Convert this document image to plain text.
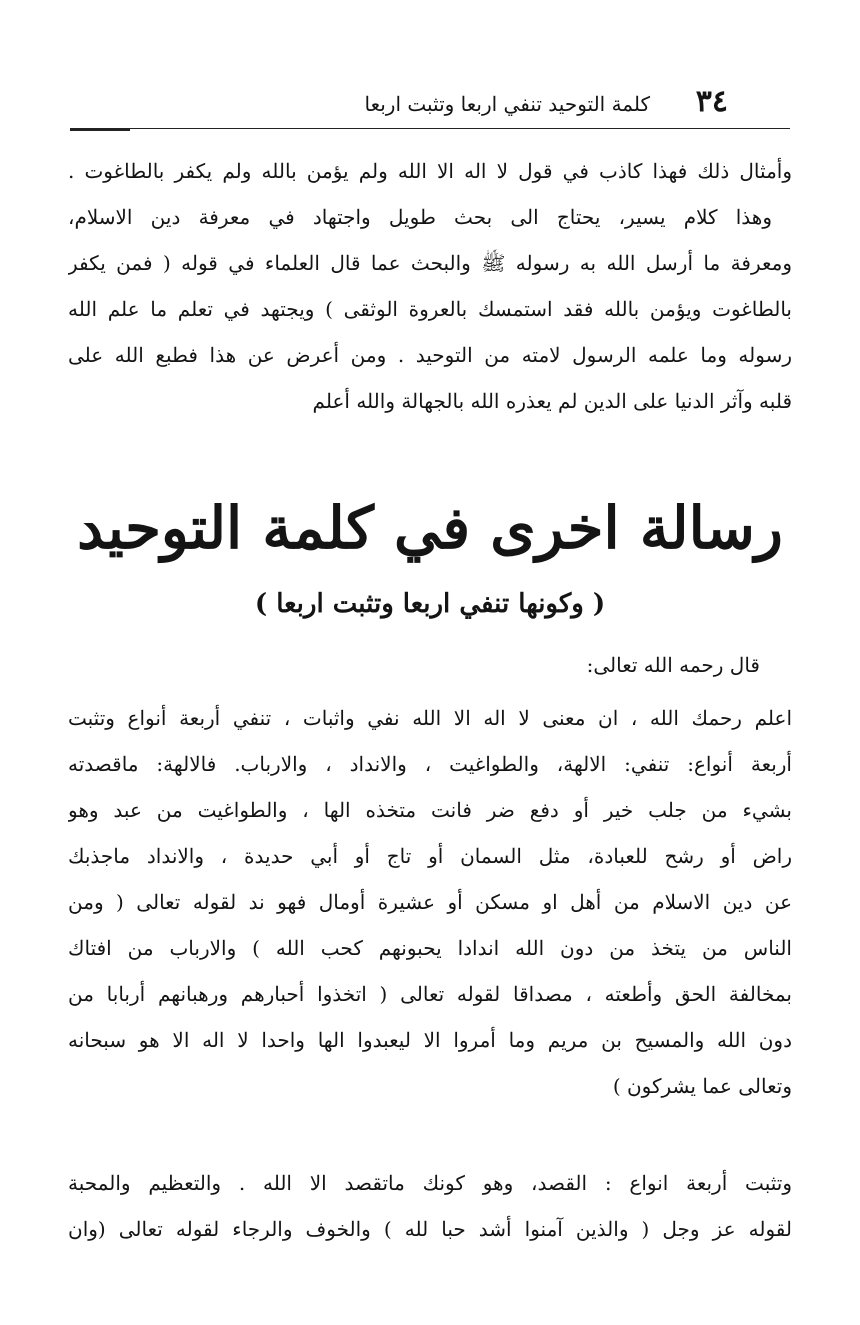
٣٤
كلمة التوحيد تنفي اربعا وتثبت اربعا
وأمثال ذلك فهذا كاذب في قول لا اله الا الله ولم يؤمن بالله ولم يكفر بالطاغوت .
وهذا كلام يسير، يحتاج الى بحث طويل واجتهاد في معرفة دين الاسلام،
ومعرفة ما أرسل الله به رسوله ﷺ والبحث عما قال العلماء في قوله ( فمن يكفر
بالطاغوت ويؤمن بالله فقد استمسك بالعروة الوثقى ) ويجتهد في تعلم ما علم الله
رسوله وما علمه الرسول لامته من التوحيد . ومن أعرض عن هذا فطبع الله على
قلبه وآثر الدنيا على الدين لم يعذره الله بالجهالة والله أعلم
رسالة اخرى في كلمة التوحيد
( وكونها تنفي اربعا وتثبت اربعا )
قال رحمه الله تعالى:
اعلم رحمك الله ، ان معنى لا اله الا الله نفي واثبات ، تنفي أربعة أنواع وتثبت
أربعة أنواع: تنفي: الالهة، والطواغيت ، والانداد ، والارباب. فالالهة: ماقصدته
بشيء من جلب خير أو دفع ضر فانت متخذه الها ، والطواغيت من عبد وهو
راض أو رشح للعبادة، مثل السمان أو تاج أو أبي حديدة ، والانداد ماجذبك
عن دين الاسلام من أهل او مسكن أو عشيرة أومال فهو ند لقوله تعالى ( ومن
الناس من يتخذ من دون الله اندادا يحبونهم كحب الله ) والارباب من افتاك
بمخالفة الحق وأطعته ، مصداقا لقوله تعالى ( اتخذوا أحبارهم ورهبانهم أربابا من
دون الله والمسيح بن مريم وما أمروا الا ليعبدوا الها واحدا لا اله الا هو سبحانه
وتعالى عما يشركون )
وتثبت أربعة انواع : القصد، وهو كونك ماتقصد الا الله . والتعظيم والمحبة
لقوله عز وجل ( والذين آمنوا أشد حبا لله ) والخوف والرجاء لقوله تعالى (وان
